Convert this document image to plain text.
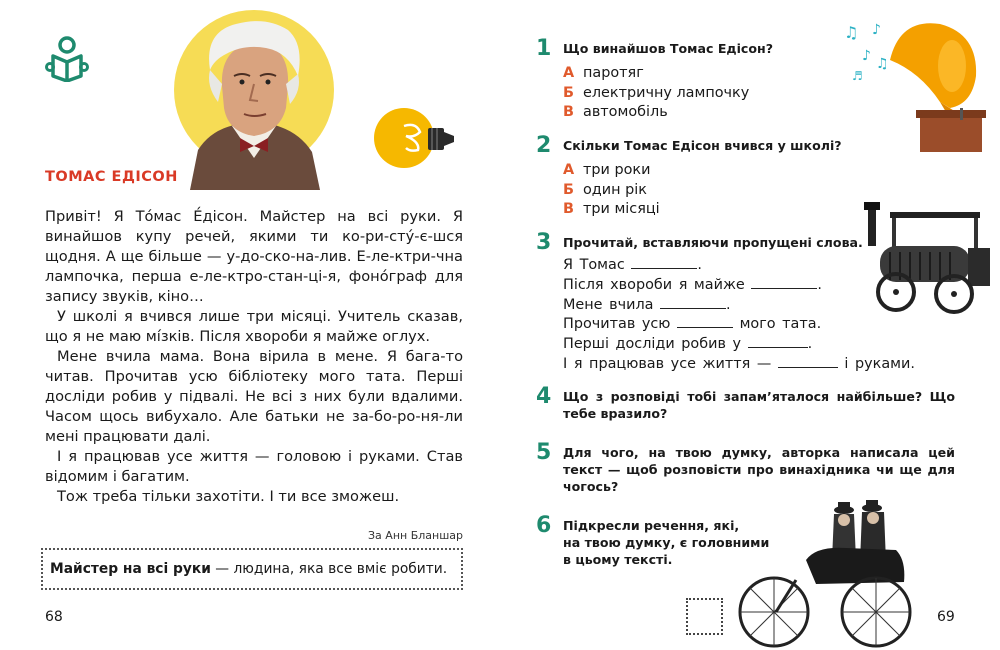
ТОМАС ЕДІСОН

Привіт! Я То́мас Е́дісон. Майстер на всі руки. Я винайшов купу речей, якими ти ко-ри-сту́-є-шся щодня. А ще більше — у-до-ско-на-лив. Е-ле-ктри-чна лампочка, перша е-ле-ктро-стан-ці-я, фоно́граф для запису звуків, кіно…

У школі я вчився лише три місяці. Учитель сказав, що я не маю мі́зків. Після хвороби я майже оглух.

Мене вчила мама. Вона вірила в мене. Я бага-то читав. Прочитав усю бібліотеку мого тата. Перші досліди робив у підвалі. Не всі з них були вдалими. Часом щось вибухало. Але батьки не за-бо-ро-ня-ли мені працювати далі.

І я працював усе життя — головою і руками. Став відомим і багатим.

Тож треба тільки захотіти. І ти все зможеш.

За Анн Бланшар
Майстер на всі руки — людина, яка все вміє робити.
68
♫ ♪
♪ ♫
♬
1 Що винайшов Томас Едісон?
А паротяг
Б електричну лампочку
В автомобіль
2 Скільки Томас Едісон вчився у школі?
А три роки
Б один рік
В три місяці
3 Прочитай, вставляючи пропущені слова.
Я Томас	.
Після хвороби я майже	.
Мене вчила	.
Прочитав усю	мого тата.
Перші досліди робив у	.
І я працював усе життя —	і руками.
4 Що з розповіді тобі запам’яталося найбільше? Що тебе вразило?
5 Для чого, на твою думку, авторка написала цей текст — щоб розповісти про винахідника чи ще для чогось?
6 Підкресли речення, які,
на твою думку, є головними
в цьому тексті.
69
